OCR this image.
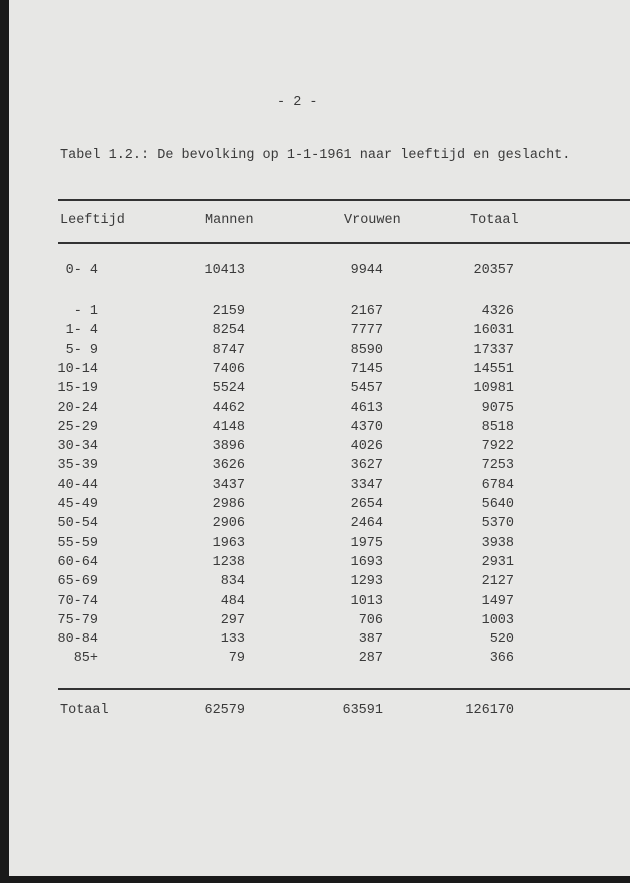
- 2 -
Tabel 1.2.: De bevolking op 1-1-1961 naar leeftijd en geslacht.
Leeftijd	Mannen	Vrouwen	Totaal
0- 4	10413	9944	20357
- 1	2159	2167	4326
1- 4	8254	7777	16031
5- 9	8747	8590	17337
10-14	7406	7145	14551
15-19	5524	5457	10981
20-24	4462	4613	9075
25-29	4148	4370	8518
30-34	3896	4026	7922
35-39	3626	3627	7253
40-44	3437	3347	6784
45-49	2986	2654	5640
50-54	2906	2464	5370
55-59	1963	1975	3938
60-64	1238	1693	2931
65-69	834	1293	2127
70-74	484	1013	1497
75-79	297	706	1003
80-84	133	387	520
85+	79	287	366
Totaal	62579	63591	126170
